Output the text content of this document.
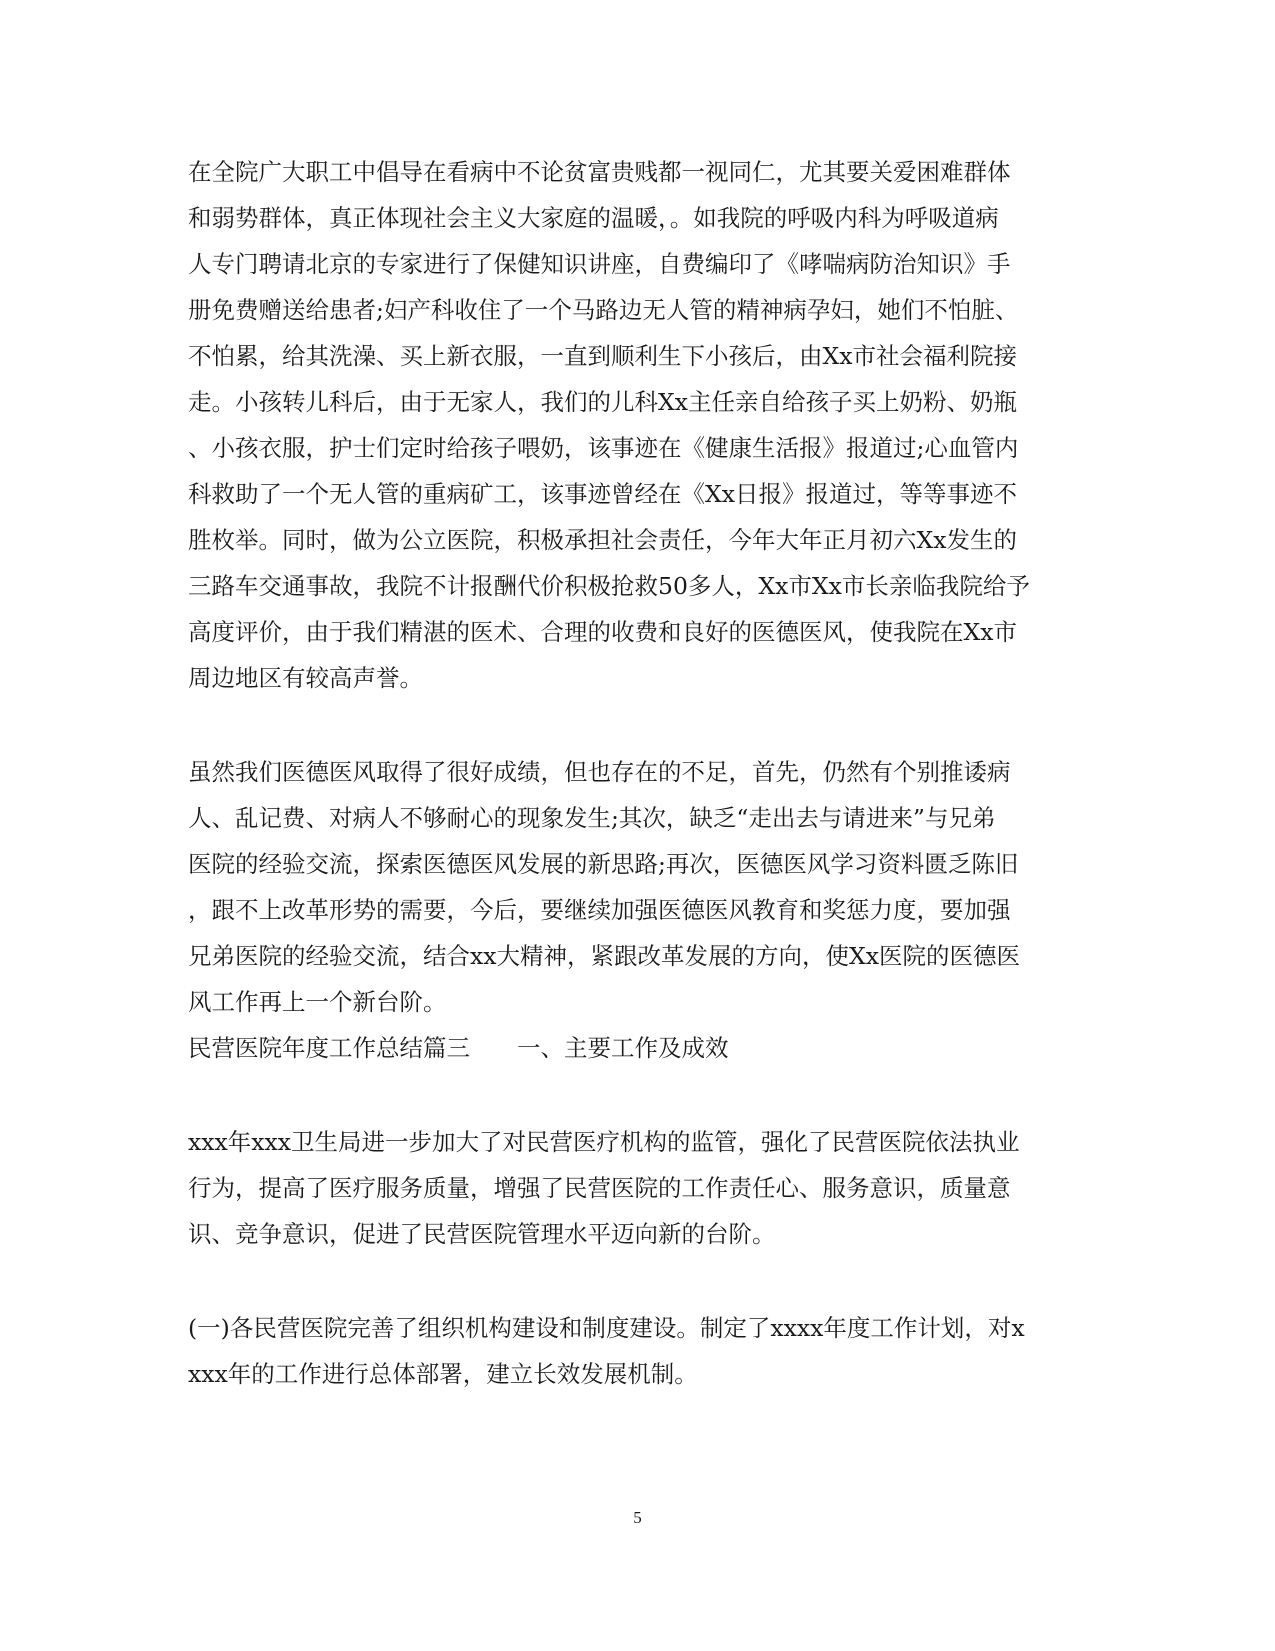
在全院广大职工中倡导在看病中不论贫富贵贱都一视同仁，尤其要关爱困难群体
和弱势群体，真正体现社会主义大家庭的温暖，。如我院的呼吸内科为呼吸道病
人专门聘请北京的专家进行了保健知识讲座，自费编印了《哮喘病防治知识》手
册免费赠送给患者;妇产科收住了一个马路边无人管的精神病孕妇，她们不怕脏、
不怕累，给其洗澡、买上新衣服，一直到顺利生下小孩后，由Xx市社会福利院接
走。小孩转儿科后，由于无家人，我们的儿科Xx主任亲自给孩子买上奶粉、奶瓶
、小孩衣服，护士们定时给孩子喂奶，该事迹在《健康生活报》报道过;心血管内
科救助了一个无人管的重病矿工，该事迹曾经在《Xx日报》报道过，等等事迹不
胜枚举。同时，做为公立医院，积极承担社会责任，今年大年正月初六Xx发生的
三路车交通事故，我院不计报酬代价积极抢救50多人，Xx市Xx市长亲临我院给予
高度评价，由于我们精湛的医术、合理的收费和良好的医德医风，使我院在Xx市
周边地区有较高声誉。
虽然我们医德医风取得了很好成绩，但也存在的不足，首先，仍然有个别推诿病
人、乱记费、对病人不够耐心的现象发生;其次，缺乏“走出去与请进来”与兄弟
医院的经验交流，探索医德医风发展的新思路;再次，医德医风学习资料匮乏陈旧
，跟不上改革形势的需要，今后，要继续加强医德医风教育和奖惩力度，要加强
兄弟医院的经验交流，结合xx大精神，紧跟改革发展的方向，使Xx医院的医德医
风工作再上一个新台阶。
民营医院年度工作总结篇三　　一、主要工作及成效
xxx年xxx卫生局进一步加大了对民营医疗机构的监管，强化了民营医院依法执业
行为，提高了医疗服务质量，增强了民营医院的工作责任心、服务意识，质量意
识、竞争意识，促进了民营医院管理水平迈向新的台阶。
(一)各民营医院完善了组织机构建设和制度建设。制定了xxxx年度工作计划，对x
xxx年的工作进行总体部署，建立长效发展机制。
5
